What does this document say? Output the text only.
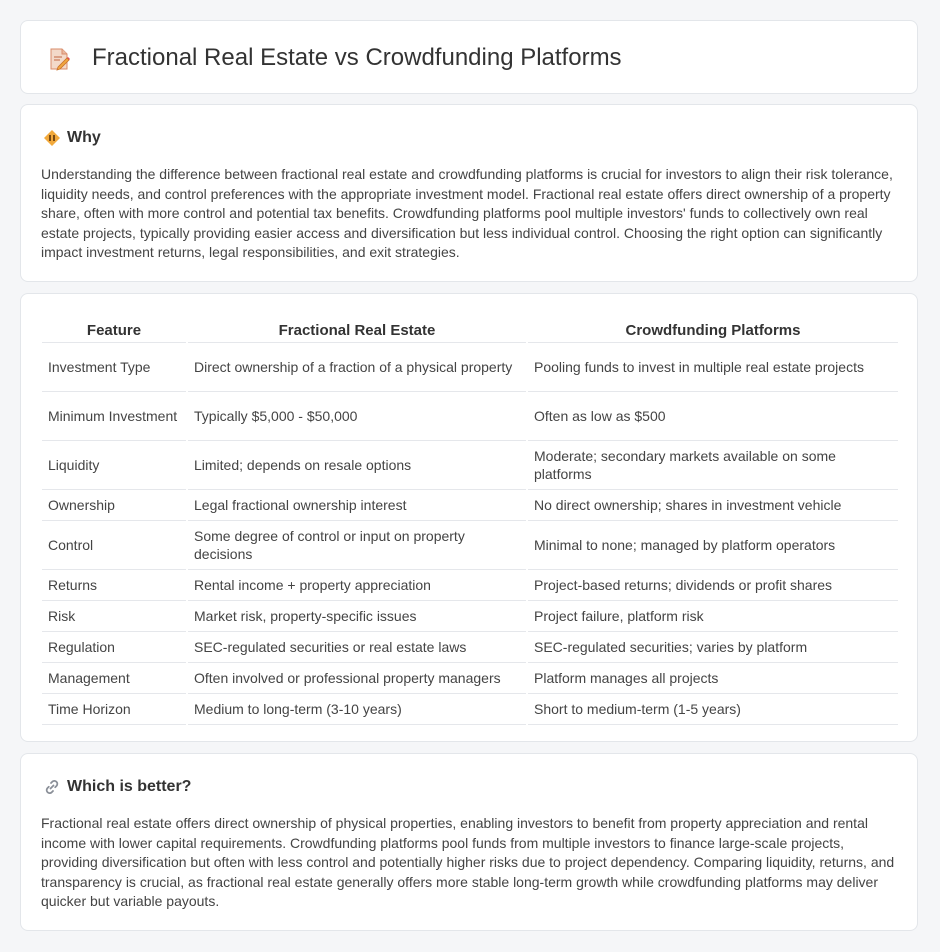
Fractional Real Estate vs Crowdfunding Platforms
Why

Understanding the difference between fractional real estate and crowdfunding platforms is crucial for investors to align their risk tolerance, liquidity needs, and control preferences with the appropriate investment model. Fractional real estate offers direct ownership of a property share, often with more control and potential tax benefits. Crowdfunding platforms pool multiple investors' funds to collectively own real estate projects, typically providing easier access and diversification but less individual control. Choosing the right option can significantly impact investment returns, legal responsibilities, and exit strategies.

Feature	Fractional Real Estate	Crowdfunding Platforms
Investment Type	Direct ownership of a fraction of a physical property	Pooling funds to invest in multiple real estate projects
Minimum Investment	Typically $5,000 - $50,000	Often as low as $500
Liquidity	Limited; depends on resale options	Moderate; secondary markets available on some platforms
Ownership	Legal fractional ownership interest	No direct ownership; shares in investment vehicle
Control	Some degree of control or input on property decisions	Minimal to none; managed by platform operators
Returns	Rental income + property appreciation	Project-based returns; dividends or profit shares
Risk	Market risk, property-specific issues	Project failure, platform risk
Regulation	SEC-regulated securities or real estate laws	SEC-regulated securities; varies by platform
Management	Often involved or professional property managers	Platform manages all projects
Time Horizon	Medium to long-term (3-10 years)	Short to medium-term (1-5 years)
Which is better?

Fractional real estate offers direct ownership of physical properties, enabling investors to benefit from property appreciation and rental income with lower capital requirements. Crowdfunding platforms pool funds from multiple investors to finance large-scale projects, providing diversification but often with less control and potentially higher risks due to project dependency. Comparing liquidity, returns, and transparency is crucial, as fractional real estate generally offers more stable long-term growth while crowdfunding platforms may deliver quicker but variable payouts.
